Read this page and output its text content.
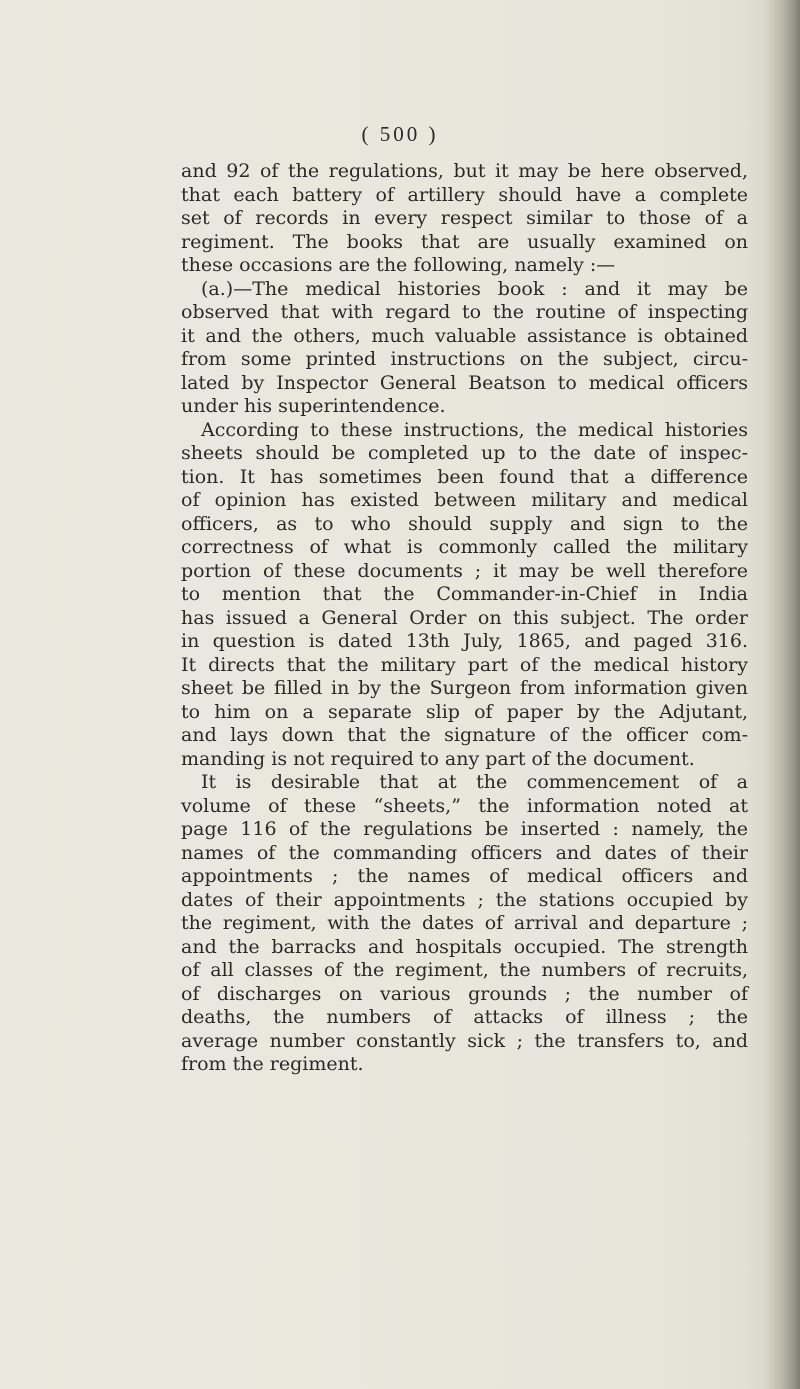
( 500 )
and 92 of the regulations, but it may be here observed,
that each battery of artillery should have a complete
set of records in every respect similar to those of a
regiment. The books that are usually examined on
these occasions are the following, namely :—
(a.)—The medical histories book : and it may be
observed that with regard to the routine of inspecting
it and the others, much valuable assistance is obtained
from some printed instructions on the subject, circu-
lated by Inspector General Beatson to medical officers
under his superintendence.
According to these instructions, the medical histories
sheets should be completed up to the date of inspec-
tion. It has sometimes been found that a difference
of opinion has existed between military and medical
officers, as to who should supply and sign to the
correctness of what is commonly called the military
portion of these documents ; it may be well therefore
to mention that the Commander-in-Chief in India
has issued a General Order on this subject. The order
in question is dated 13th July, 1865, and paged 316.
It directs that the military part of the medical history
sheet be filled in by the Surgeon from information given
to him on a separate slip of paper by the Adjutant,
and lays down that the signature of the officer com-
manding is not required to any part of the document.
It is desirable that at the commencement of a
volume of these “sheets,” the information noted at
page 116 of the regulations be inserted : namely, the
names of the commanding officers and dates of their
appointments ; the names of medical officers and
dates of their appointments ; the stations occupied by
the regiment, with the dates of arrival and departure ;
and the barracks and hospitals occupied. The strength
of all classes of the regiment, the numbers of recruits,
of discharges on various grounds ; the number of
deaths, the numbers of attacks of illness ; the
average number constantly sick ; the transfers to, and
from the regiment.
